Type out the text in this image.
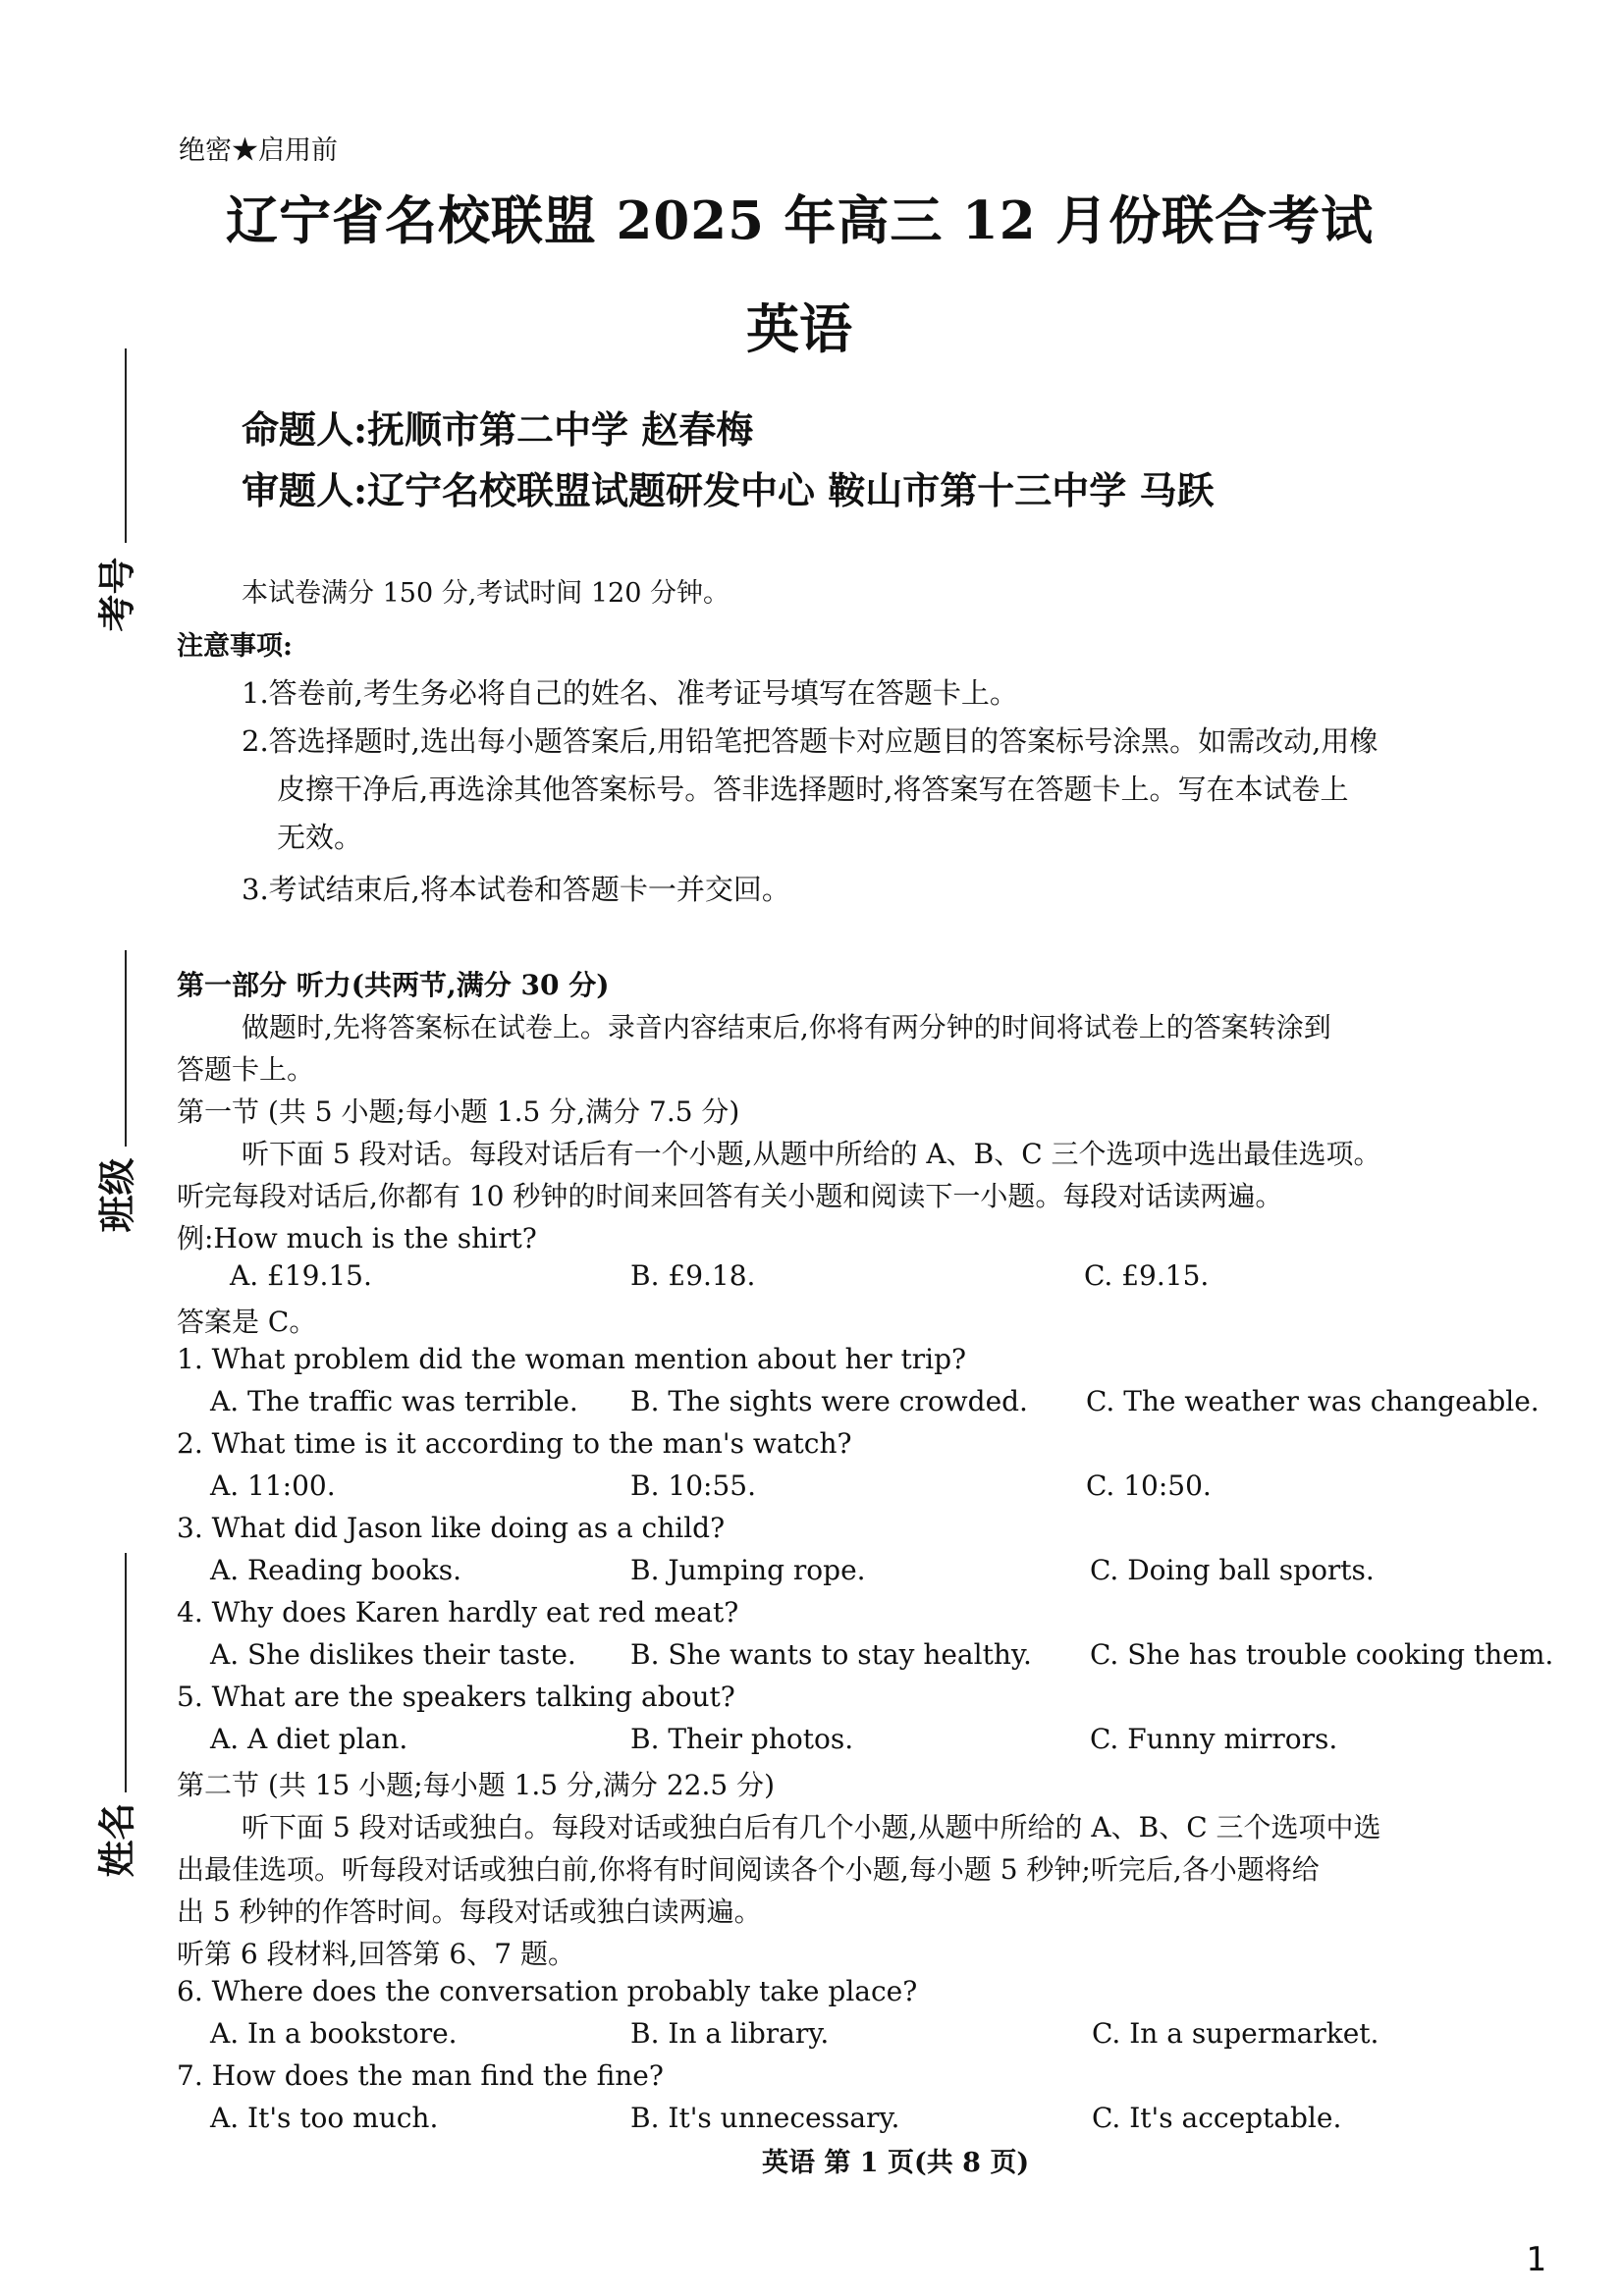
考号
班级
姓名
绝密★启用前
辽宁省名校联盟 2025 年高三 12 月份联合考试
英语
命题人:抚顺市第二中学 赵春梅
审题人:辽宁名校联盟试题研发中心 鞍山市第十三中学 马跃
本试卷满分 150 分,考试时间 120 分钟。
注意事项:
1.答卷前,考生务必将自己的姓名、准考证号填写在答题卡上。
2.答选择题时,选出每小题答案后,用铅笔把答题卡对应题目的答案标号涂黑。如需改动,用橡
皮擦干净后,再选涂其他答案标号。答非选择题时,将答案写在答题卡上。写在本试卷上
无效。
3.考试结束后,将本试卷和答题卡一并交回。
第一部分 听力(共两节,满分 30 分)
做题时,先将答案标在试卷上。录音内容结束后,你将有两分钟的时间将试卷上的答案转涂到
答题卡上。
第一节 (共 5 小题;每小题 1.5 分,满分 7.5 分)
听下面 5 段对话。每段对话后有一个小题,从题中所给的 A、B、C 三个选项中选出最佳选项。
听完每段对话后,你都有 10 秒钟的时间来回答有关小题和阅读下一小题。每段对话读两遍。
例:How much is the shirt?
A. £19.15.	B. £9.18.	C. £9.15.
答案是 C。
1. What problem did the woman mention about her trip?
A. The traffic was terrible. B. The sights were crowded. C. The weather was changeable.
2. What time is it according to the man's watch?
A. 11:00.	B. 10:55.	C. 10:50.
3. What did Jason like doing as a child?
A. Reading books.	B. Jumping rope.	C. Doing ball sports.
4. Why does Karen hardly eat red meat?
A. She dislikes their taste. B. She wants to stay healthy. C. She has trouble cooking them.
5. What are the speakers talking about?
A. A diet plan.	B. Their photos.	C. Funny mirrors.
第二节 (共 15 小题;每小题 1.5 分,满分 22.5 分)
听下面 5 段对话或独白。每段对话或独白后有几个小题,从题中所给的 A、B、C 三个选项中选
出最佳选项。听每段对话或独白前,你将有时间阅读各个小题,每小题 5 秒钟;听完后,各小题将给
出 5 秒钟的作答时间。每段对话或独白读两遍。
听第 6 段材料,回答第 6、7 题。
6. Where does the conversation probably take place?
A. In a bookstore.	B. In a library.	C. In a supermarket.
7. How does the man find the fine?
A. It's too much.	B. It's unnecessary.	C. It's acceptable.
英语 第 1 页(共 8 页)
1
